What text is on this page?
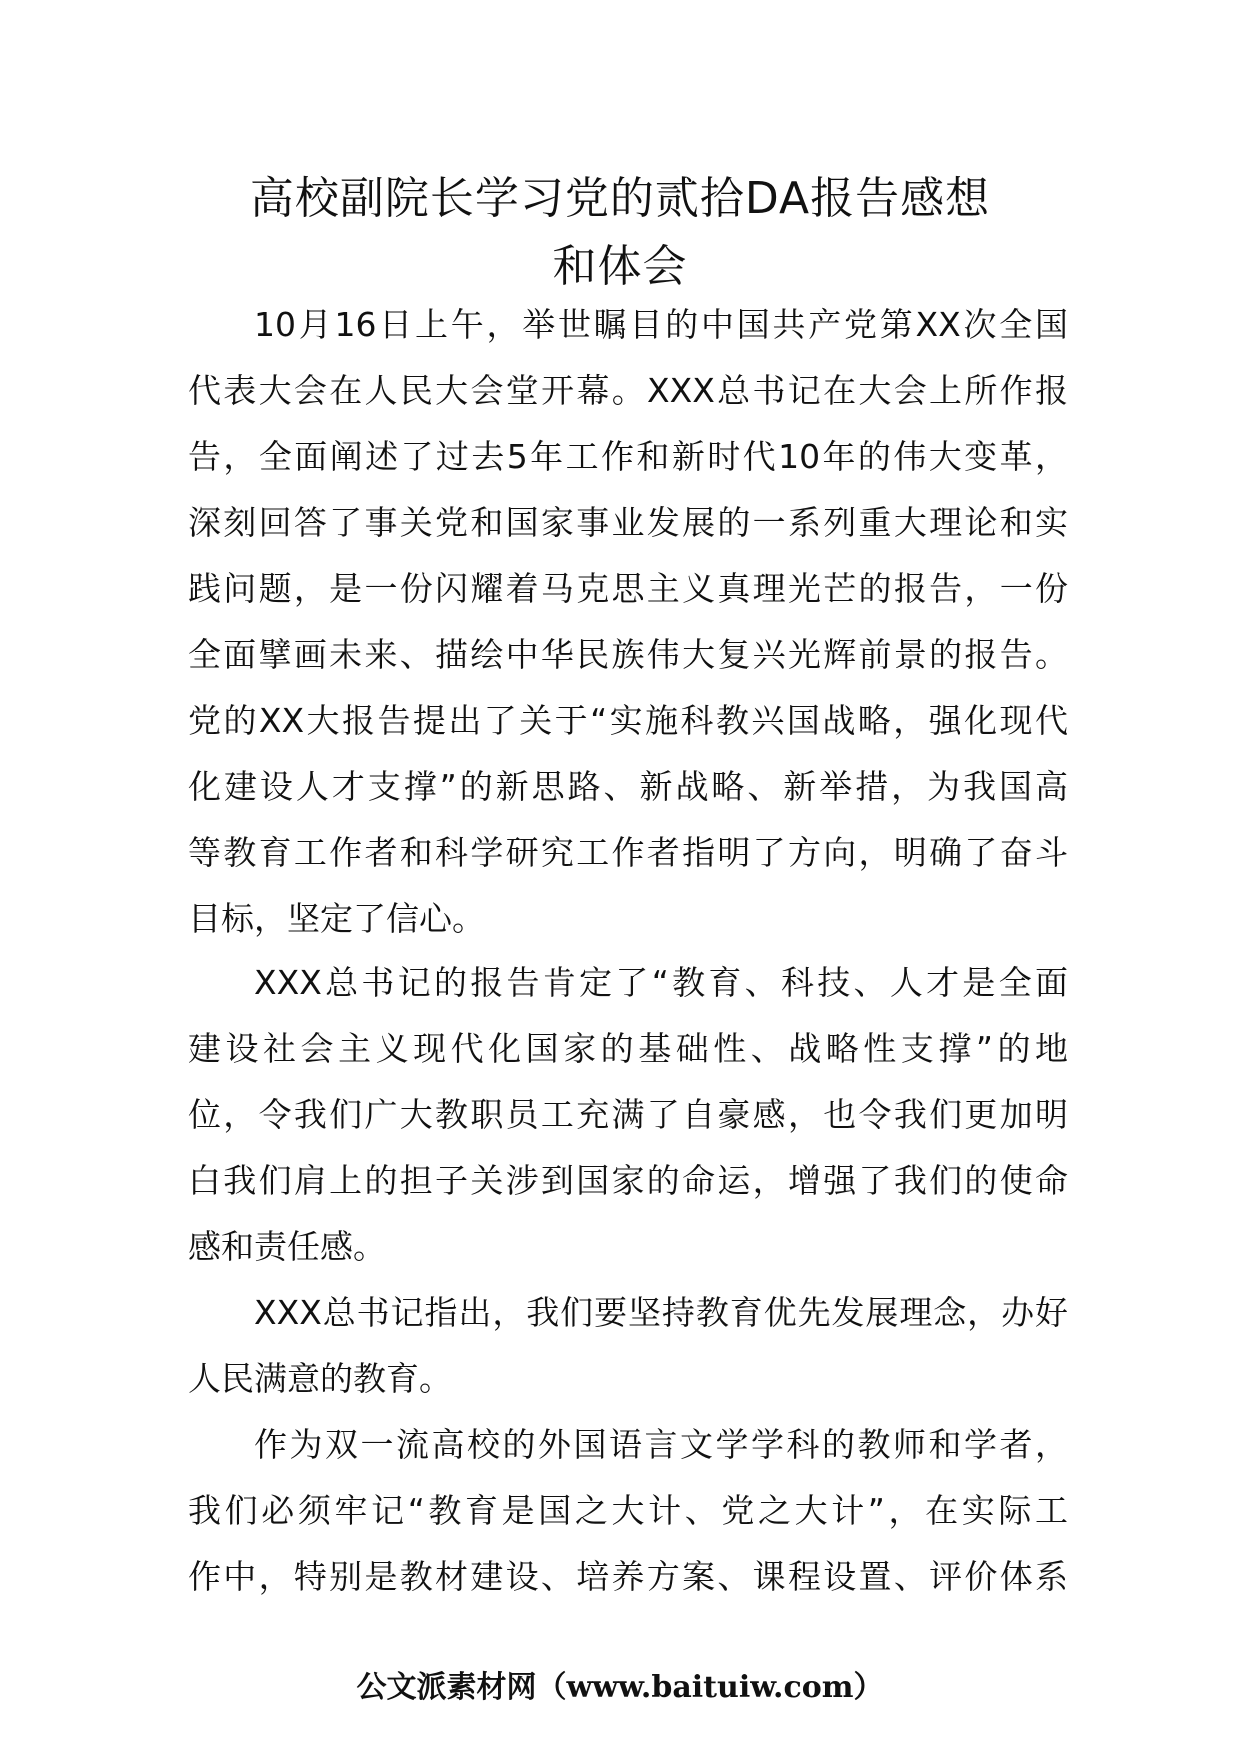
高校副院长学习党的贰拾DA报告感想
和体会
10月16日上午，举世瞩目的中国共产党第XX次全国
代表大会在人民大会堂开幕。XXX总书记在大会上所作报
告，全面阐述了过去5年工作和新时代10年的伟大变革，
深刻回答了事关党和国家事业发展的一系列重大理论和实
践问题，是一份闪耀着马克思主义真理光芒的报告，一份
全面擘画未来、描绘中华民族伟大复兴光辉前景的报告。
党的XX大报告提出了关于“实施科教兴国战略，强化现代
化建设人才支撑”的新思路、新战略、新举措，为我国高
等教育工作者和科学研究工作者指明了方向，明确了奋斗
目标，坚定了信心。
XXX总书记的报告肯定了“教育、科技、人才是全面
建设社会主义现代化国家的基础性、战略性支撑”的地
位，令我们广大教职员工充满了自豪感，也令我们更加明
白我们肩上的担子关涉到国家的命运，增强了我们的使命
感和责任感。
XXX总书记指出，我们要坚持教育优先发展理念，办好
人民满意的教育。
作为双一流高校的外国语言文学学科的教师和学者，
我们必须牢记“教育是国之大计、党之大计”，在实际工
作中，特别是教材建设、培养方案、课程设置、评价体系
公文派素材网（www.baituiw.com）
